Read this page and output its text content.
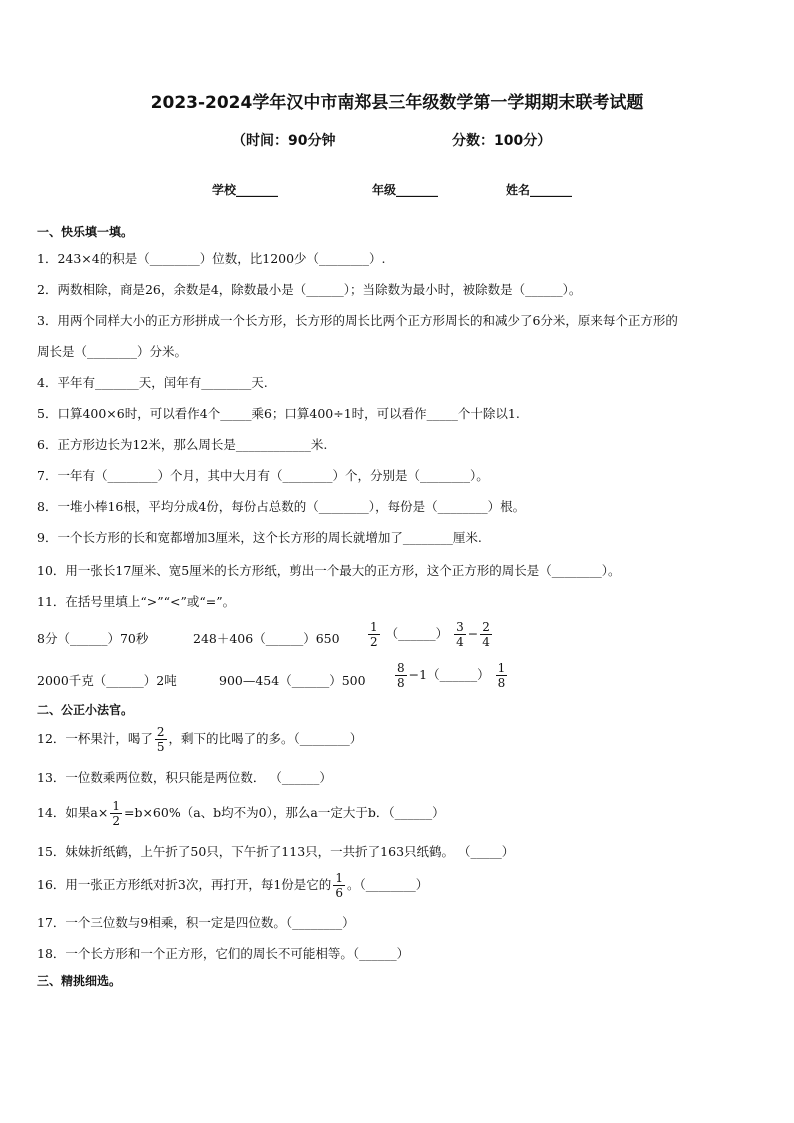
2023-2024学年汉中市南郑县三年级数学第一学期期末联考试题
（时间：90分钟	分数：100分）
学校_______	年级_______	姓名_______
一、快乐填一填。
1．243×4的积是（________）位数，比1200少（________）.
2．两数相除，商是26，余数是4，除数最小是（______）；当除数为最小时，被除数是（______）。
3．用两个同样大小的正方形拼成一个长方形，长方形的周长比两个正方形周长的和减少了6分米，原来每个正方形的
周长是（________）分米。
4．平年有_______天，闰年有________天.
5．口算400×6时，可以看作4个_____乘6；口算400÷1时，可以看作_____个十除以1.
6．正方形边长为12米，那么周长是____________米.
7．一年有（________）个月，其中大月有（________）个，分别是（________）。
8．一堆小棒16根，平均分成4份，每份占总数的（________），每份是（________）根。
9．一个长方形的长和宽都增加3厘米，这个长方形的周长就增加了________厘米.
10．用一张长17厘米、宽5厘米的长方形纸，剪出一个最大的正方形，这个正方形的周长是（________）。
11．在括号里填上“>”“<”或“=”。
8分（______）70秒	248＋406（______）650 $\frac{1}{2}$ （______） $\frac{3}{4} - \frac{2}{4}$
2000千克（______）2吨	900—454（______）500 $\frac{8}{8}$ −1（______） $\frac{1}{8}$
二、公正小法官。
12．一杯果汁，喝了 $\frac{2}{5}$ ，剩下的比喝了的多。（________）
13．一位数乘两位数，积只能是两位数． （______）
14．如果$a\times \frac{1}{2} =b\times 60\%(a$、b均不为0），那么a一定大于b．（______）
15．妹妹折纸鹤，上午折了50只，下午折了113只，一共折了163只纸鹤。 （_____）
16．用一张正方形纸对折3次，再打开，每1份是它的 $\frac{1}{6}$ 。（________）
17．一个三位数与9相乘，积一定是四位数。（________）
18．一个长方形和一个正方形，它们的周长不可能相等。（______）
三、精挑细选。
